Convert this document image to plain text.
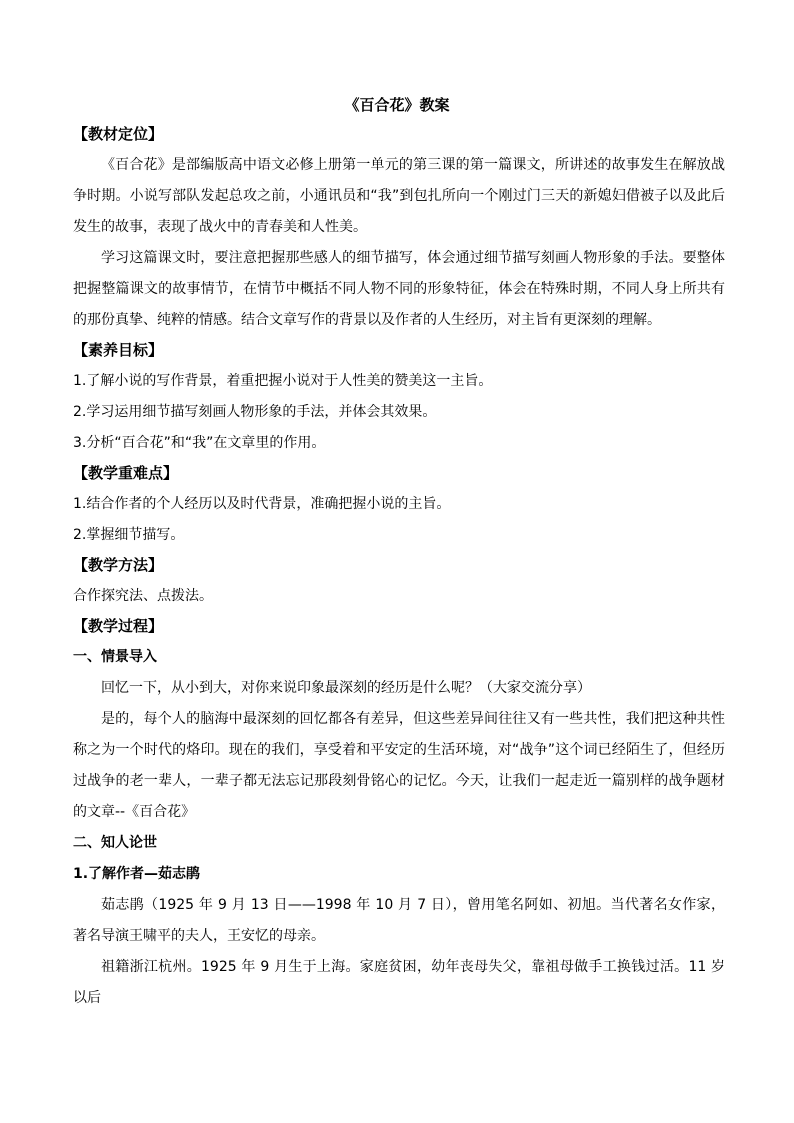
《百合花》教案
【教材定位】

《百合花》是部编版高中语文必修上册第一单元的第三课的第一篇课文，所讲述的故事发生在解放战争时期。小说写部队发起总攻之前，小通讯员和“我”到包扎所向一个刚过门三天的新媳妇借被子以及此后发生的故事，表现了战火中的青春美和人性美。

学习这篇课文时，要注意把握那些感人的细节描写，体会通过细节描写刻画人物形象的手法。要整体把握整篇课文的故事情节，在情节中概括不同人物不同的形象特征，体会在特殊时期，不同人身上所共有的那份真挚、纯粹的情感。结合文章写作的背景以及作者的人生经历，对主旨有更深刻的理解。

【素养目标】

1.了解小说的写作背景，着重把握小说对于人性美的赞美这一主旨。

2.学习运用细节描写刻画人物形象的手法，并体会其效果。

3.分析“百合花”和“我”在文章里的作用。

【教学重难点】

1.结合作者的个人经历以及时代背景，准确把握小说的主旨。

2.掌握细节描写。

【教学方法】

合作探究法、点拨法。

【教学过程】

一、情景导入

回忆一下，从小到大，对你来说印象最深刻的经历是什么呢？（大家交流分享）

是的，每个人的脑海中最深刻的回忆都各有差异，但这些差异间往往又有一些共性，我们把这种共性称之为一个时代的烙印。现在的我们，享受着和平安定的生活环境，对“战争”这个词已经陌生了，但经历过战争的老一辈人，一辈子都无法忘记那段刻骨铭心的记忆。今天，让我们一起走近一篇别样的战争题材的文章--《百合花》

二、知人论世

1.了解作者—茹志鹃

茹志鹃（1925 年 9 月 13 日——1998 年 10 月 7 日），曾用笔名阿如、初旭。当代著名女作家，著名导演王啸平的夫人，王安忆的母亲。

祖籍浙江杭州。1925 年 9 月生于上海。家庭贫困，幼年丧母失父，靠祖母做手工换钱过活。11 岁以后
